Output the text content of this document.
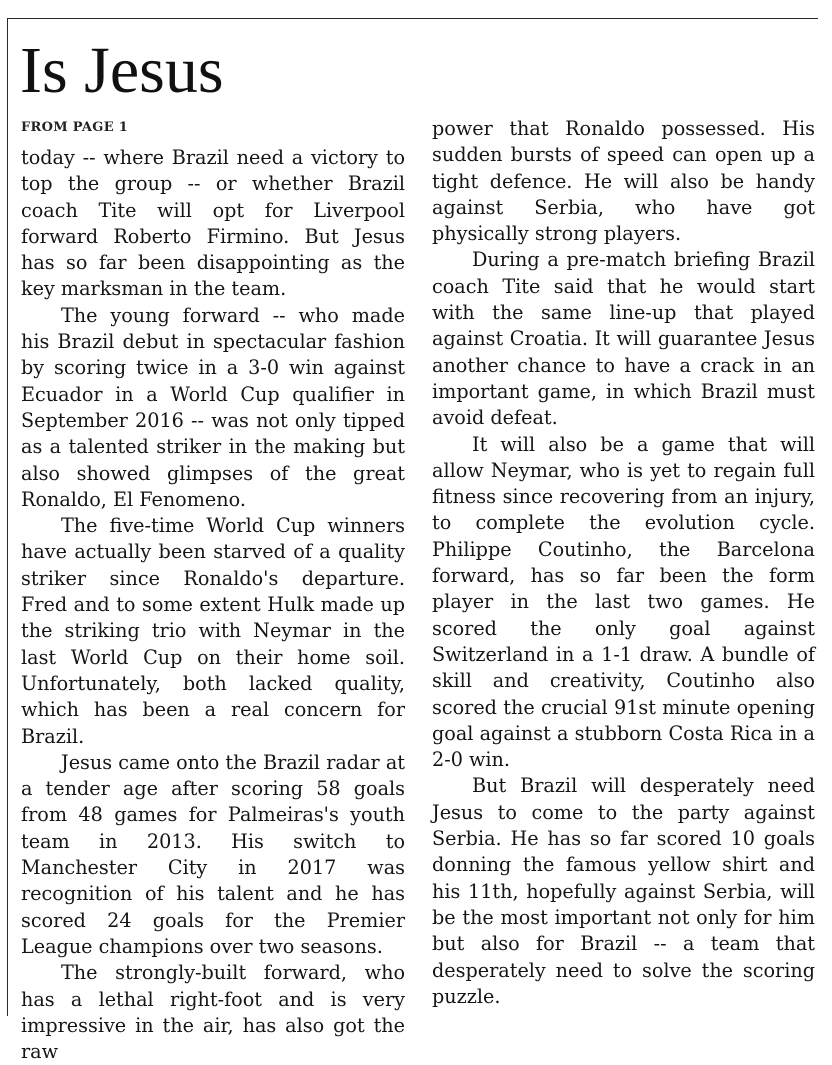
Is Jesus
FROM PAGE 1

today -- where Brazil need a victory to top the group -- or whether Brazil coach Tite will opt for Liverpool forward Roberto Firmino. But Jesus has so far been disappointing as the key marksman in the team.

The young forward -- who made his Brazil debut in spectacular fashion by scoring twice in a 3-0 win against Ecuador in a World Cup qualifier in September 2016 -- was not only tipped as a talented striker in the making but also showed glimpses of the great Ronaldo, El Fenomeno.

The five-time World Cup winners have actually been starved of a quality striker since Ronaldo's departure. Fred and to some extent Hulk made up the striking trio with Neymar in the last World Cup on their home soil. Unfortunately, both lacked quality, which has been a real concern for Brazil.

Jesus came onto the Brazil radar at a tender age after scoring 58 goals from 48 games for Palmeiras's youth team in 2013. His switch to Manchester City in 2017 was recognition of his talent and he has scored 24 goals for the Premier League champions over two seasons.

The strongly-built forward, who has a lethal right-foot and is very impressive in the air, has also got the raw

power that Ronaldo possessed. His sudden bursts of speed can open up a tight defence. He will also be handy against Serbia, who have got physically strong players.

During a pre-match briefing Brazil coach Tite said that he would start with the same line-up that played against Croatia. It will guarantee Jesus another chance to have a crack in an important game, in which Brazil must avoid defeat.

It will also be a game that will allow Neymar, who is yet to regain full fitness since recovering from an injury, to complete the evolution cycle. Philippe Coutinho, the Barcelona forward, has so far been the form player in the last two games. He scored the only goal against Switzerland in a 1-1 draw. A bundle of skill and creativity, Coutinho also scored the crucial 91st minute opening goal against a stubborn Costa Rica in a 2-0 win.

But Brazil will desperately need Jesus to come to the party against Serbia. He has so far scored 10 goals donning the famous yellow shirt and his 11th, hopefully against Serbia, will be the most important not only for him but also for Brazil -- a team that desperately need to solve the scoring puzzle.
